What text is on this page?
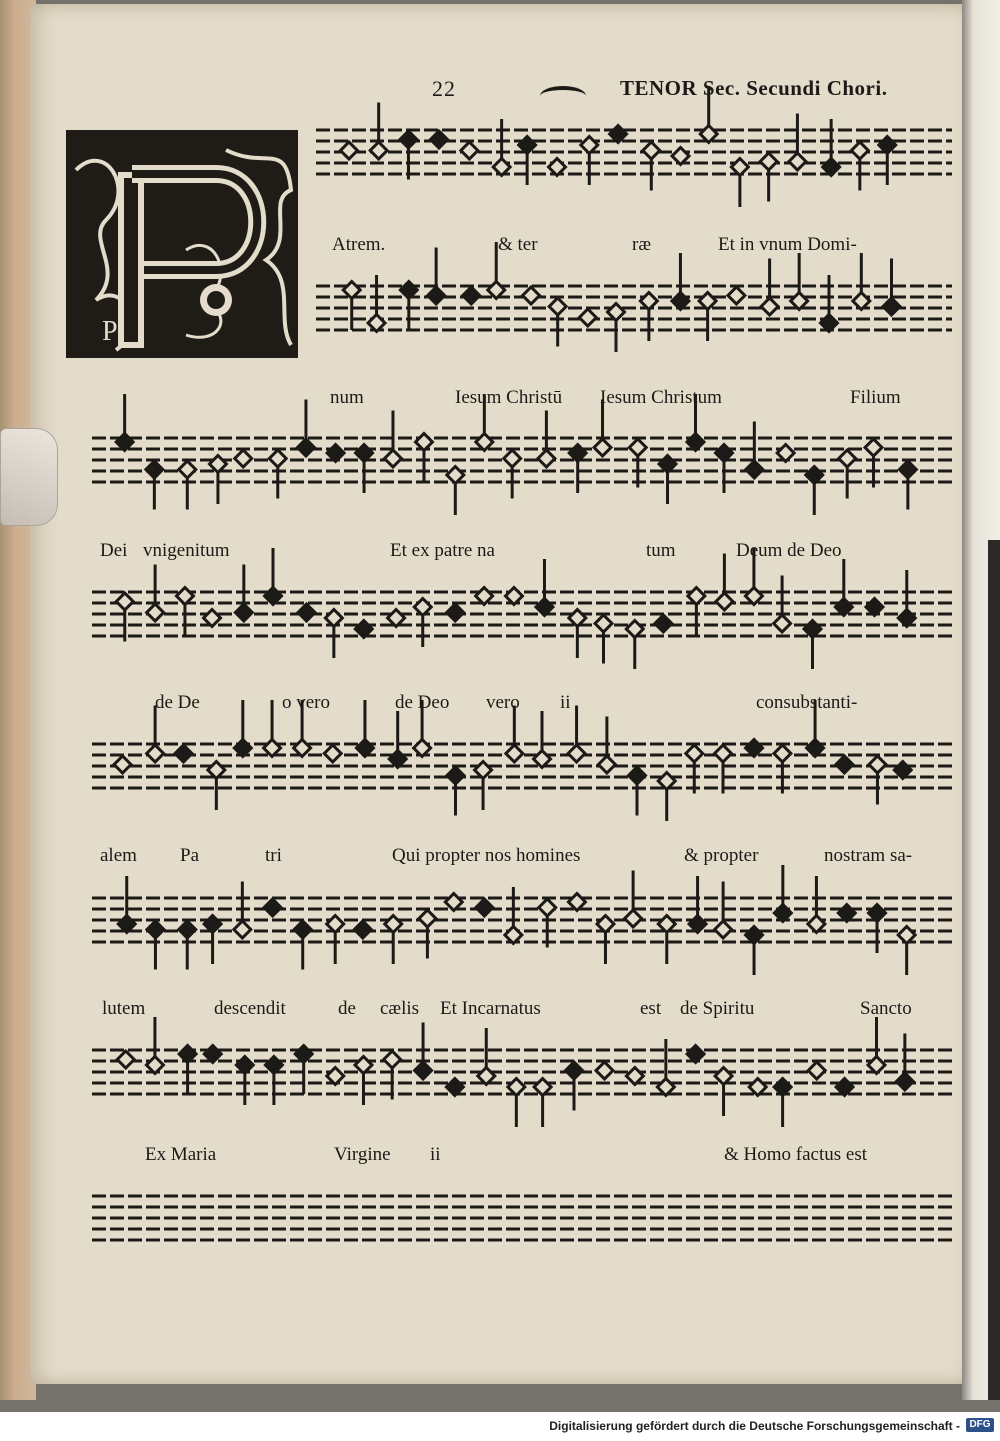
22	TENOR Sec. Secundi Chori.
P
Atrem.	& ter	ræ	Et in vnum Domi-
num	Iesum Christū Iesum Christum	Filium
Dei vnigenitum	Et ex patre na	tum	Deum de Deo
de De	o vero	de Deo vero ii	consubstanti-
alem Pa	tri	Qui propter nos homines	& propter	nostram sa-
lutem	descendit	de cælis Et Incarnatus	est de Spiritu	Sancto
Ex Maria	Virgine ii	& Homo factus est
Digitalisierung gefördert durch die Deutsche Forschungsgemeinschaft - DFG
